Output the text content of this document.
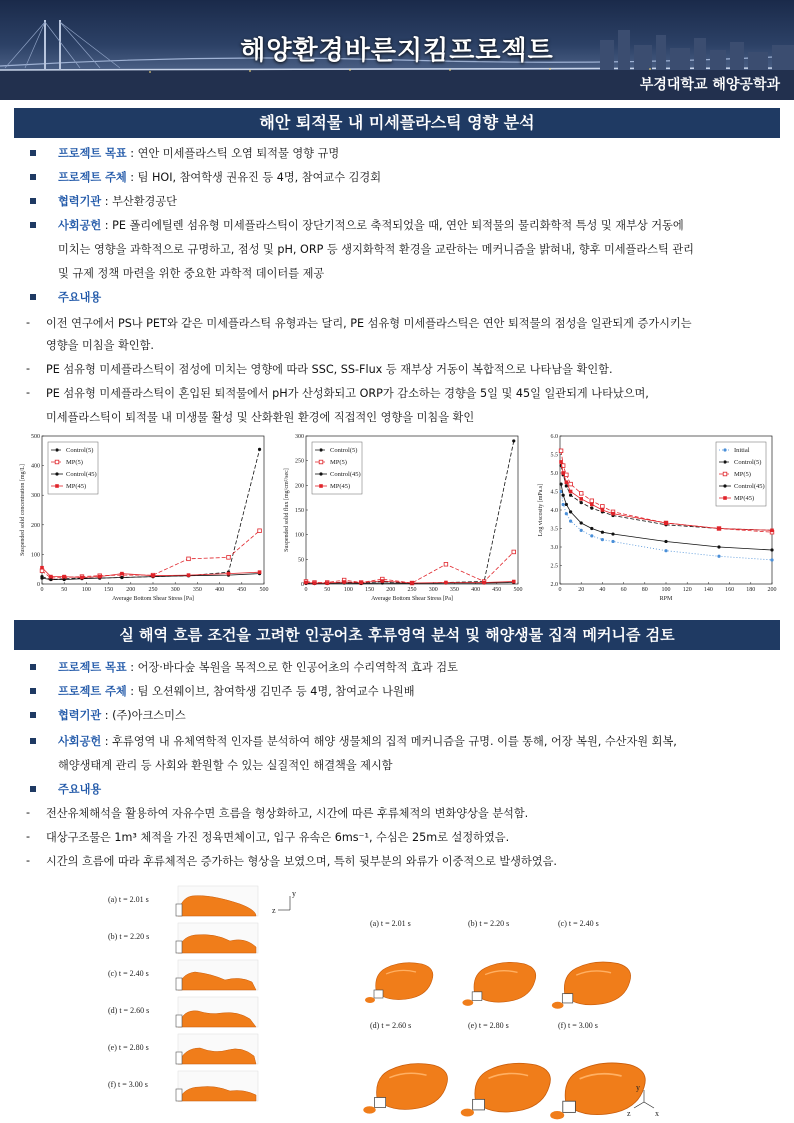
해양환경바른지킴프로젝트
부경대학교 해양공학과
해안 퇴적물 내 미세플라스틱 영향 분석
프로젝트 목표 : 연안 미세플라스틱 오염 퇴적물 영향 규명
프로젝트 주체 : 팀 HOI, 참여학생 권유진 등 4명, 참여교수 김경회
협력기관 : 부산환경공단
사회공헌 : PE 폴리에틸렌 섬유형 미세플라스틱이 장단기적으로 축적되었을 때, 연안 퇴적물의 물리화학적 특성 및 재부상 거동에
미치는 영향을 과학적으로 규명하고, 점성 및 pH, ORP 등 생지화학적 환경을 교란하는 메커니즘을 밝혀내, 향후 미세플라스틱 관리
및 규제 정책 마련을 위한 중요한 과학적 데이터를 제공
주요내용
- 이전 연구에서 PS나 PET와 같은 미세플라스틱 유형과는 달리, PE 섬유형 미세플라스틱은 연안 퇴적물의 점성을 일관되게 증가시키는
영향을 미침을 확인함.
- PE 섬유형 미세플라스틱이 점성에 미치는 영향에 따라 SSC, SS-Flux 등 재부상 거동이 복합적으로 나타남을 확인함.
- PE 섬유형 미세플라스틱이 혼입된 퇴적물에서 pH가 산성화되고 ORP가 감소하는 경향을 5일 및 45일 일관되게 나타났으며,
미세플라스틱이 퇴적물 내 미생물 활성 및 산화환원 환경에 직접적인 영향을 미침을 확인
0	50 100 150 200 250 300 350 400 450 500
0
100
200
300
400
500
Average Bottom Shear Stress [Pa]
Suspended solid concentration [mg/L]
Control(5)
MP(5)
Control(45)
MP(45)
0	50 100 150 200 250 300 350 400 450 500
0
50
100
150
200
250
300
Average Bottom Shear Stress [Pa]
Suspended solid flux [mg/cm²/sec]
Control(5)
MP(5)
Control(45)
MP(45)
0	20	40	60	80 100 120 140 160 180 200
2.0
2.5
3.0
3.5
4.0
4.5
5.0
5.5
6.0
RPM
Log viscosity [mPa.s]
Initial
Control(5)
MP(5)
Control(45)
MP(45)
실 해역 흐름 조건을 고려한 인공어초 후류영역 분석 및 해양생물 집적 메커니즘 검토
프로젝트 목표 : 어장·바다숲 복원을 목적으로 한 인공어초의 수리역학적 효과 검토
프로젝트 주체 : 팀 오션웨이브, 참여학생 김민주 등 4명, 참여교수 나원배
협력기관 : (주)아크스미스
사회공헌 : 후류영역 내 유체역학적 인자를 분석하여 해양 생물체의 집적 메커니즘을 규명. 이를 통해, 어장 복원, 수산자원 회복,
해양생태계 관리 등 사회와 환원할 수 있는 실질적인 해결책을 제시함
주요내용
- 전산유체해석을 활용하여 자유수면 흐름을 형상화하고, 시간에 따른 후류체적의 변화양상을 분석함.
- 대상구조물은 1m³ 체적을 가진 정육면체이고, 입구 유속은 6ms⁻¹, 수심은 25m로 설정하였음.
- 시간의 흐름에 따라 후류체적은 증가하는 형상을 보였으며, 특히 뒷부분의 와류가 이중적으로 발생하였음.
(a) t = 2.01 s
(b) t = 2.20 s
(c) t = 2.40 s
(d) t = 2.60 s
(e) t = 2.80 s
(f) t = 3.00 s
y
z
(a) t = 2.01 s	(b) t = 2.20 s	(c) t = 2.40 s
(d) t = 2.60 s	(e) t = 2.80 s	(f) t = 3.00 s
y
x
z
